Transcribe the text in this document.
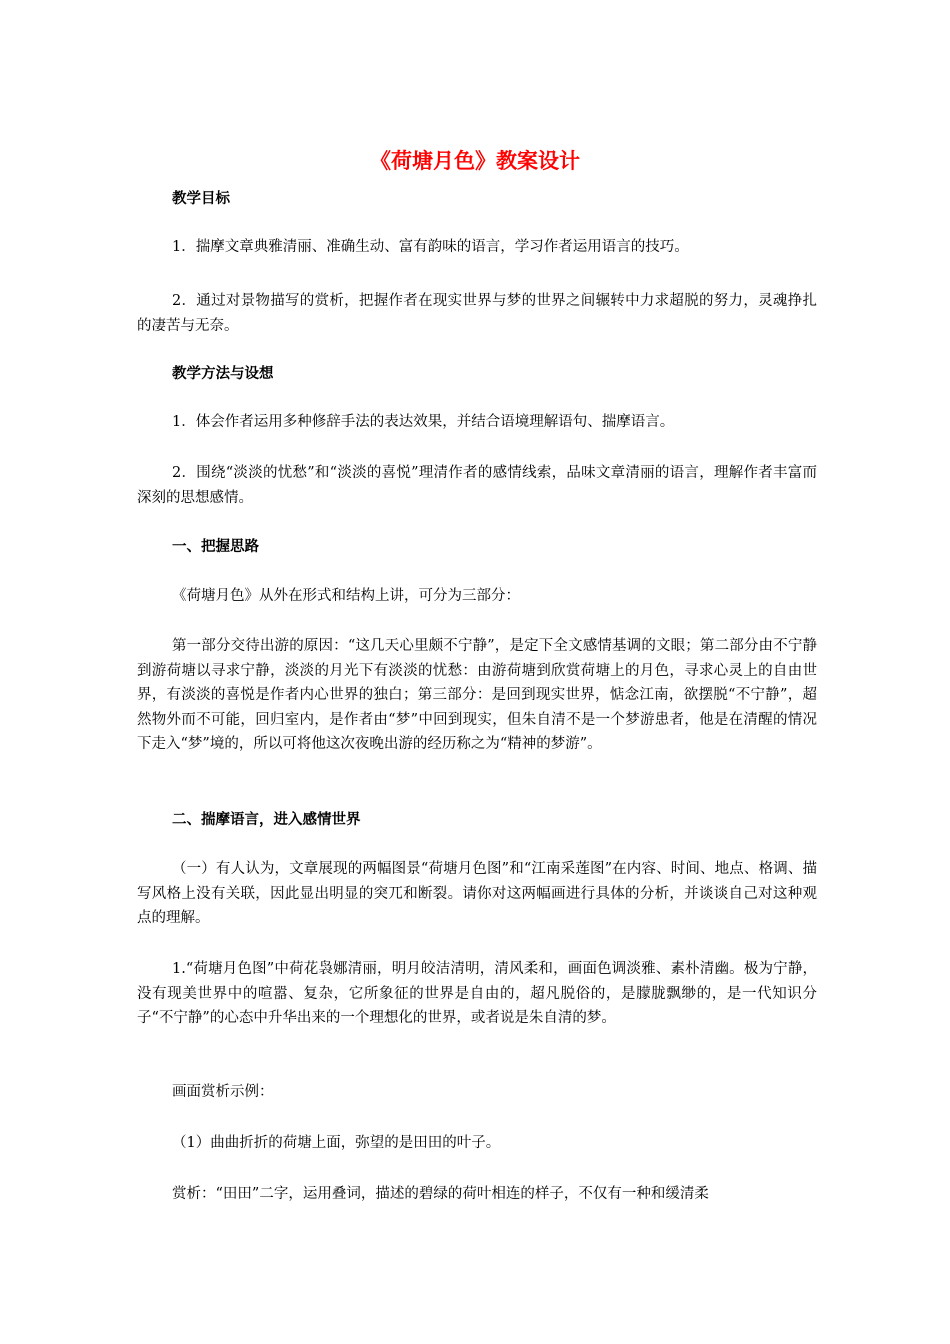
《荷塘月色》教案设计
教学目标

1．揣摩文章典雅清丽、准确生动、富有韵味的语言，学习作者运用语言的技巧。

2．通过对景物描写的赏析，把握作者在现实世界与梦的世界之间辗转中力求超脱的努力，灵魂挣扎的凄苦与无奈。

教学方法与设想

1．体会作者运用多种修辞手法的表达效果，并结合语境理解语句、揣摩语言。

2．围绕“淡淡的忧愁”和“淡淡的喜悦”理清作者的感情线索，品味文章清丽的语言，理解作者丰富而深刻的思想感情。

一、把握思路

《荷塘月色》从外在形式和结构上讲，可分为三部分：

第一部分交待出游的原因：“这几天心里颇不宁静”，是定下全文感情基调的文眼；第二部分由不宁静到游荷塘以寻求宁静，淡淡的月光下有淡淡的忧愁：由游荷塘到欣赏荷塘上的月色，寻求心灵上的自由世界，有淡淡的喜悦是作者内心世界的独白；第三部分：是回到现实世界，惦念江南，欲摆脱“不宁静”，超然物外而不可能，回归室内，是作者由“梦”中回到现实，但朱自清不是一个梦游患者，他是在清醒的情况下走入“梦”境的，所以可将他这次夜晚出游的经历称之为“精神的梦游”。

二、揣摩语言，进入感情世界

（一）有人认为，文章展现的两幅图景“荷塘月色图”和“江南采莲图”在内容、时间、地点、格调、描写风格上没有关联，因此显出明显的突兀和断裂。请你对这两幅画进行具体的分析，并谈谈自己对这种观点的理解。

1.“荷塘月色图”中荷花袅娜清丽，明月皎洁清明，清风柔和，画面色调淡雅、素朴清幽。极为宁静，没有现美世界中的喧嚣、复杂，它所象征的世界是自由的，超凡脱俗的，是朦胧飘缈的，是一代知识分子“不宁静”的心态中升华出来的一个理想化的世界，或者说是朱自清的梦。

画面赏析示例：

（1）曲曲折折的荷塘上面，弥望的是田田的叶子。

赏析：“田田”二字，运用叠词，描述的碧绿的荷叶相连的样子，不仅有一种和缓清柔
